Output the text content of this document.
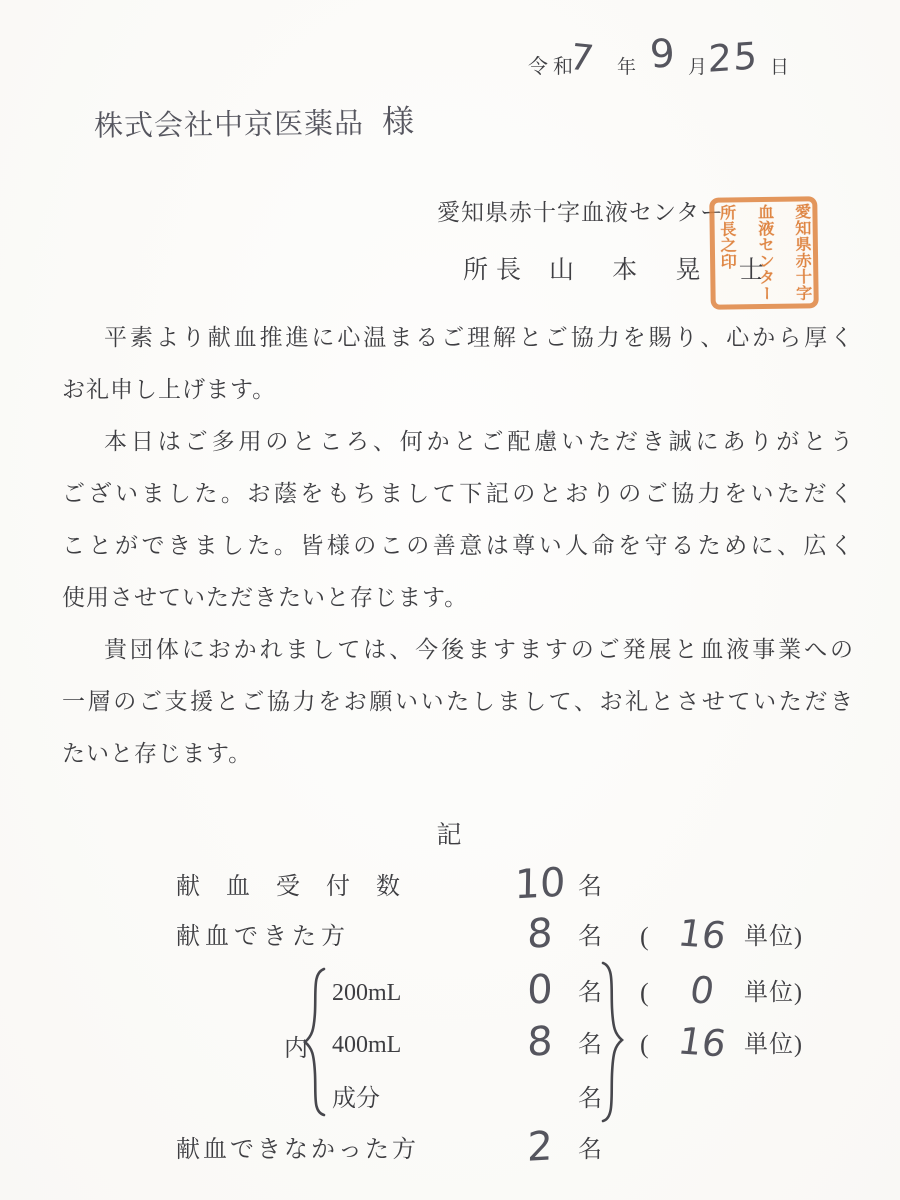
令和
7 年 9 月 25 日
株式会社中京医薬品 様
愛知県赤十字血液センター
所長 山 本 晃 士 愛知県赤十字
血液センター
所長之印
平素より献血推進に心温まるご理解とご協力を賜り、心から厚く
お礼申し上げます。
本日はご多用のところ、何かとご配慮いただき誠にありがとう
ございました。お蔭をもちまして下記のとおりのご協力をいただく
ことができました。皆様のこの善意は尊い人命を守るために、広く
使用させていただきたいと存じます。
貴団体におかれましては、今後ますますのご発展と血液事業への
一層のご支援とご協力をお願いいたしまして、お礼とさせていただき
たいと存じます。
記
献血受付数 10 名
献血できた方	8	名 ( 16 単位)
200mL	0	名 (	0	単位)
400mL	8	名 ( 16 単位)
成分	名
献血できなかった方	2	名
内
